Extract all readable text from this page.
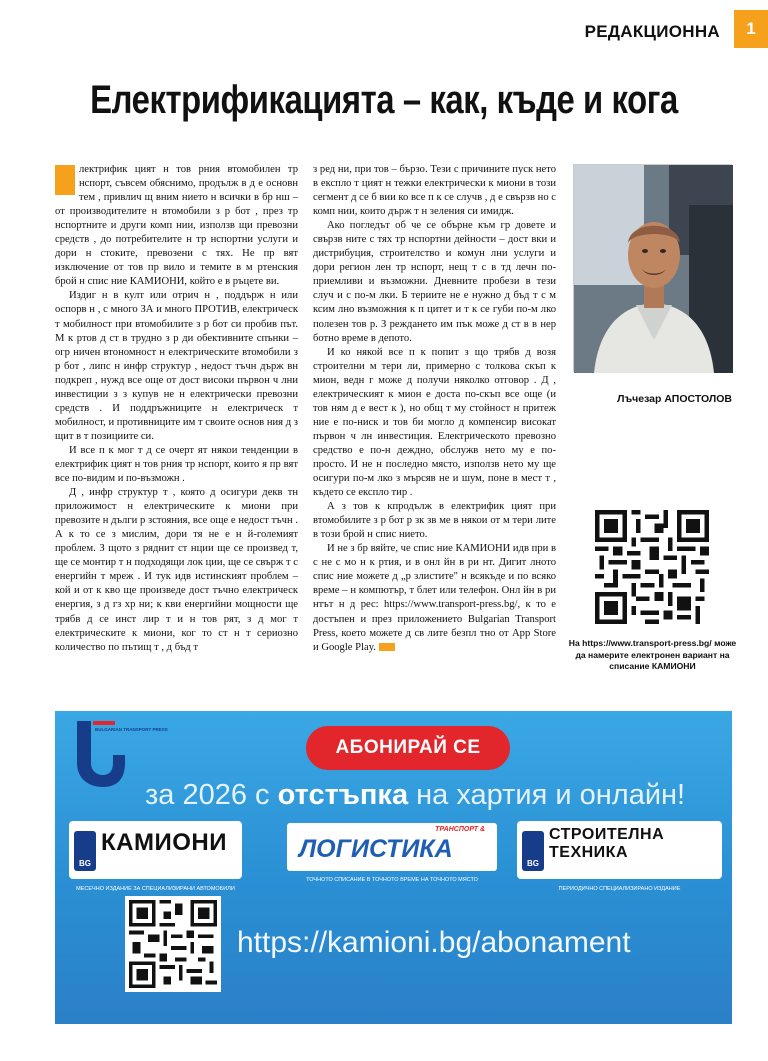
РЕДАКЦИОННА	1
Електрификацията – как, къде и кога

лектрифик цият н тов рния втомобилен тр нспорт, съвсем обяснимо, продълж в д е основн тем , привлич щ вним нието н всички в бр нш – от производителите н втомобили з р бот , през тр нспортните и други комп нии, използв щи превозни средств , до потребителите н тр нспортни услуги и дори н стоките, превозени с тях. Не пр вят изключение от тов пр вило и темите в м ртенския брой н спис ние КАМИОНИ, който е в ръцете ви.

Издиг н в култ или отрич н , поддърж н или оспорв н , с много ЗА и много ПРОТИВ, електрическ т мобилност при втомобилите з р бот си пробив път. М к ртов д ст в трудно з р ди обективните спънки – огр ничен втономност н електрическите втомобили з р бот , липс н инфр структур , недост тъчн държ вн подкреп , нужд все още от дост високи първон ч лни инвестиции з з купув не н електрически превозни средств . И поддръжниците н електрическ т мобилност, и противниците им т своите основ ния д з щит в т позициите си.

И все п к мог т д се очерт ят някои тенденции в електрифик цият н тов рния тр нспорт, които я пр вят все по-видим и по-възможн .

Д , инфр структур т , която д осигури декв тн приложимост н електрическите к миони при превозите н дълги р зстояния, все още е недост тъчн . А к то се з мислим, дори тя не е н й-големият проблем. З щото з ряднит ст нции ще се произвед т, ще се монтир т н подходящи лок ции, ще се свърж т с енергийн т мреж . И тук идв истинският проблем – кой и от к кво ще произведе дост тъчно електрическ енергия, з д гз хр ни; к кви енергийни мощности ще трябв д се инст лир т и н тов рят, з д мог т електрическите к миони, ког то ст н т сериозно количество по пътищ т , д бъд т

з ред ни, при тов – бързо. Тези с причините пуск нето в експло т цият н тежки електрически к миони в този сегмент д се б вии ко все п к се случв , д е свързв но с комп нии, които държ т н зеления си имидж.

Ако погледът об че се обърне към гр довете и свързв ните с тях тр нспортни дейности – дост вки и дистрибуция, строителство и комун лни услуги и дори регион лен тр нспорт, нещ т с в тд лечн по-приемливи и възможни. Дневните пробези в тези случ и с по-м лки. Б териите не е нужно д бъд т с м ксим лно възможния к п цитет и т к се губи по-м лко полезен тов р. З реждането им пък може д ст в в нер ботно време в депото.

И ко някой все п к попит з що трябв д возя строителни м тери ли, примерно с толкова скъп к мион, ведн г може д получи няколко отговор . Д , електрическият к мион е доста по-скъп все още (и тов ням д е вест к ), но общ т му стойност н притеж ние е по-ниск и тов би могло д компенсир високат първон ч лн инвестиция. Електрическото превозно средство е по-н деждно, обслужв нето му е по-просто. И не н последно място, използв нето му ще осигури по-м лко з мърсяв не и шум, поне в мест т , където се експло тир .

А з тов к кпродълж в електрифик цият при втомобилите з р бот р зк зв ме в някои от м тери лите в този брой н спис нието.

И не з бр вяйте, че спис ние КАМИОНИ идв при в с не с мо н к ртия, и в онл йн в ри нт. Дигит лното спис ние можете д „р злистите" н всякъде и по всяко време – н компютър, т блет или телефон. Онл йн в ри нтът н д рес: https://www.transport-press.bg/, к то е достъпен и през приложението Bulgarian Transport Press, което можете д св лите безпл тно от App Store и Google Play.

Лъчезар АПОСТОЛОВ
На https://www.transport-press.bg/ може да намерите електронен вариант на списание КАМИОНИ
BULGARIAN TRANSPORT PRESS
АБОНИРАЙ СЕ
за 2026 с отстъпка на хартия и онлайн!
BG
КАМИОНИ
МЕСЕЧНО ИЗДАНИЕ ЗА СПЕЦИАЛИЗИРАНИ АВТОМОБИЛИ
ТРАНСПОРТ &
ЛОГИСТИКА
ТОЧНОТО СПИСАНИЕ В ТОЧНОТО ВРЕМЕ НА ТОЧНОТО МЯСТО
BG
СТРОИТЕЛНА
ТЕХНИКА
ПЕРИОДИЧНО СПЕЦИАЛИЗИРАНО ИЗДАНИЕ
https://kamioni.bg/abonament
